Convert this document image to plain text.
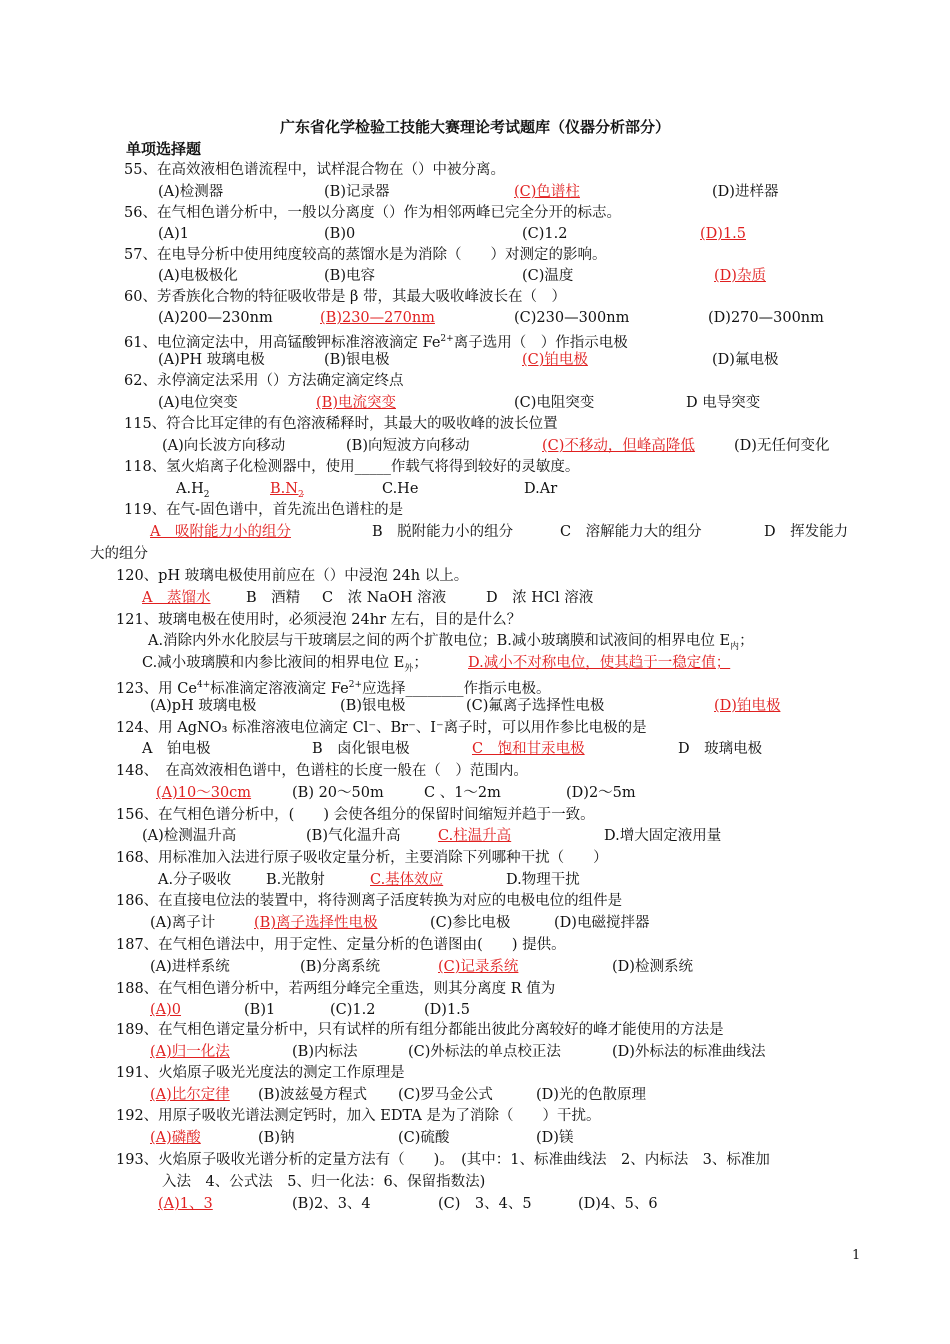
广东省化学检验工技能大赛理论考试题库（仪器分析部分）
单项选择题
55、在高效液相色谱流程中，试样混合物在（）中被分离。
(A)检测器	(B)记录器	(C)色谱柱	(D)进样器
56、在气相色谱分析中，一般以分离度（）作为相邻两峰已完全分开的标志。
(A)1	(B)0	(C)1.2	(D)1.5
57、在电导分析中使用纯度较高的蒸馏水是为消除（　　）对测定的影响。
(A)电极极化	(B)电容	(C)温度	(D)杂质
60、芳香族化合物的特征吸收带是 β 带，其最大吸收峰波长在（　）
(A)200—230nm	(B)230—270nm	(C)230—300nm	(D)270—300nm
61、电位滴定法中，用高锰酸钾标准溶液滴定 $Fe^{2+}$离子选用（　）作指示电极
(A)PH 玻璃电极	(B)银电极	(C)铂电极	(D)氟电极
62、永停滴定法采用（）方法确定滴定终点
(A)电位突变	(B)电流突变	(C)电阻突变	D 电导突变
115、符合比耳定律的有色溶液稀释时，其最大的吸收峰的波长位置
(A)向长波方向移动	(B)向短波方向移动	(C)不移动，但峰高降低	(D)无任何变化
118、氢火焰离子化检测器中，使用_____作载气将得到较好的灵敏度。
$A.H_2$	$B.N_2$	C.He	D.Ar
119、在气-固色谱中，首先流出色谱柱的是
A　吸附能力小的组分	B　脱附能力小的组分	C　溶解能力大的组分	D　挥发能力
大的组分
120、pH 玻璃电极使用前应在（）中浸泡 24h 以上。
A　蒸馏水 B　酒精 C　浓 NaOH 溶液	D　浓 HCl 溶液
121、玻璃电极在使用时，必须浸泡 24hr 左右，目的是什么？
A.消除内外水化胶层与干玻璃层之间的两个扩散电位；B.减小玻璃膜和试液间的相界电位 $E_内$；
C.减小玻璃膜和内参比液间的相界电位 $E_外$；	D.减小不对称电位，使其趋于一稳定值；
123、用 $Ce^{4+}$标准滴定溶液滴定 $Fe^{2+}$应选择________作指示电极。
(A)pH 玻璃电极	(B)银电极	(C)氟离子选择性电极	(D)铂电极
124、用 AgNO₃ 标准溶液电位滴定 Cl⁻、Br⁻、I⁻离子时，可以用作参比电极的是
A　铂电极	B　卤化银电极	C　饱和甘汞电极	D　玻璃电极
148、　在高效液相色谱中，色谱柱的长度一般在（　）范围内。
(A)10～30cm	(B) 20～50m	C 、1～2m	(D)2～5m
156、在气相色谱分析中，(　　) 会使各组分的保留时间缩短并趋于一致。
(A)检测温升高	(B)气化温升高	C.柱温升高	D.增大固定液用量
168、用标准加入法进行原子吸收定量分析，主要消除下列哪种干扰（　　）
A.分子吸收 B.光散射	C.基体效应	D.物理干扰
186、在直接电位法的装置中，将待测离子活度转换为对应的电极电位的组件是
(A)离子计	(B)离子选择性电极	(C)参比电极	(D)电磁搅拌器
187、在气相色谱法中，用于定性、定量分析的色谱图由(　　) 提供。
(A)进样系统	(B)分离系统	(C)记录系统	(D)检测系统
188、在气相色谱分析中，若两组分峰完全重迭，则其分离度 R 值为
(A)0	(B)1	(C)1.2	(D)1.5
189、在气相色谱定量分析中，只有试样的所有组分都能出彼此分离较好的峰才能使用的方法是
(A)归一化法	(B)内标法	(C)外标法的单点校正法	(D)外标法的标准曲线法
191、火焰原子吸光光度法的测定工作原理是
(A)比尔定律 (B)波兹曼方程式 (C)罗马金公式	(D)光的色散原理
192、用原子吸收光谱法测定钙时，加入 EDTA 是为了消除（　　）干扰。
(A)磷酸	(B)钠	(C)硫酸	(D)镁
193、火焰原子吸收光谱分析的定量方法有（　　)。　(其中：1、标准曲线法　2、内标法　3、标准加
入法　4、公式法　5、归一化法：6、保留指数法)
(A)1、3	(B)2、3、4	(C)　3、4、5	(D)4、5、6
1
